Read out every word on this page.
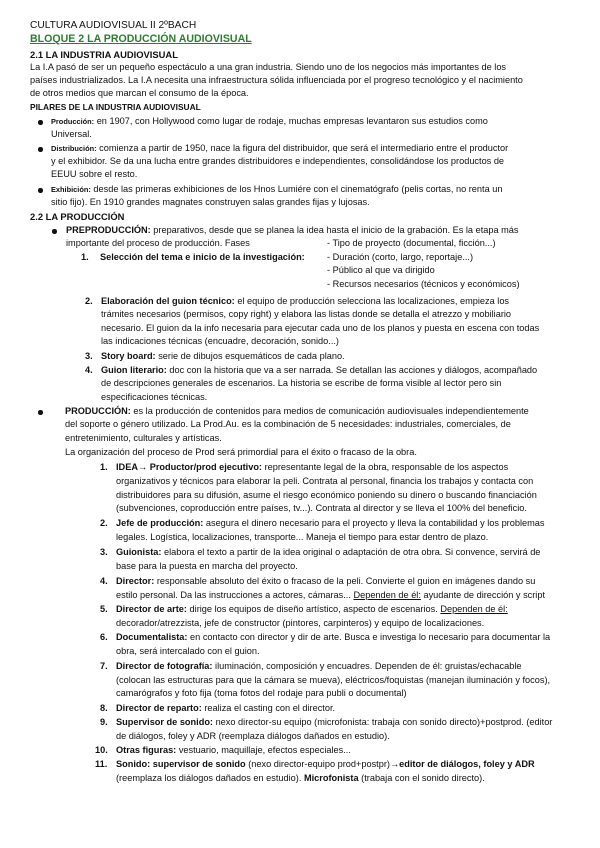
CULTURA AUDIOVISUAL II 2ºBACH
BLOQUE 2 LA PRODUCCIÓN AUDIOVISUAL
2.1 LA INDUSTRIA AUDIOVISUAL
La I.A pasó de ser un pequeño espectáculo a una gran industria. Siendo uno de los negocios más importantes de los
países industrializados. La I.A necesita una infraestructura sólida influenciada por el progreso tecnológico y el nacimiento
de otros medios que marcan el consumo de la época.
PILARES DE LA INDUSTRIA AUDIOVISUAL
Producción: en 1907, con Hollywood como lugar de rodaje, muchas empresas levantaron sus estudios como
Universal.
Distribución: comienza a partir de 1950, nace la figura del distribuidor, que será el intermediario entre el productor
y el exhibidor. Se da una lucha entre grandes distribuidores e independientes, consolidándose los productos de
EEUU sobre el resto.
Exhibición: desde las primeras exhibiciones de los Hnos Lumiére con el cinematógrafo (pelis cortas, no renta un
sitio fijo). En 1910 grandes magnates construyen salas grandes fijas y lujosas.
2.2 LA PRODUCCIÓN
PREPRODUCCIÓN: preparativos, desde que se planea la idea hasta el inicio de la grabación. Es la etapa más
importante del proceso de producción. Fases	- Tipo de proyecto (documental, ficción...)
- Duración (corto, largo, reportaje...)
- Público al que va dirigido
- Recursos necesarios (técnicos y económicos)
1. Selección del tema e inicio de la investigación:
2. Elaboración del guion técnico: el equipo de producción selecciona las localizaciones, empieza los
trámites necesarios (permisos, copy right) y elabora las listas donde se detalla el atrezzo y mobiliario
necesario. El guion da la info necesaria para ejecutar cada uno de los planos y puesta en escena con todas
las indicaciones técnicas (encuadre, decoración, sonido...)
3. Story board: serie de dibujos esquemáticos de cada plano.
4. Guion literario: doc con la historia que va a ser narrada. Se detallan las acciones y diálogos, acompañado
de descripciones generales de escenarios. La historia se escribe de forma visible al lector pero sin
especificaciones técnicas.
PRODUCCIÓN: es la producción de contenidos para medios de comunicación audiovisuales independientemente
del soporte o género utilizado. La Prod.Au. es la combinación de 5 necesidades: industriales, comerciales, de
entretenimiento, culturales y artísticas.
La organización del proceso de Prod será primordial para el éxito o fracaso de la obra.
1. IDEA→ Productor/prod ejecutivo: representante legal de la obra, responsable de los aspectos
organizativos y técnicos para elaborar la peli. Contrata al personal, financia los trabajos y contacta con
distribuidores para su difusión, asume el riesgo económico poniendo su dinero o buscando financiación
(subvenciones, coproducción entre países, tv...). Contrata al director y se lleva el 100% del beneficio.
2. Jefe de producción: asegura el dinero necesario para el proyecto y lleva la contabilidad y los problemas
legales. Logística, localizaciones, transporte... Maneja el tiempo para estar dentro de plazo.
3. Guionista: elabora el texto a partir de la idea original o adaptación de otra obra. Si convence, servirá de
base para la puesta en marcha del proyecto.
4. Director: responsable absoluto del éxito o fracaso de la peli. Convierte el guion en imágenes dando su
estilo personal. Da las instrucciones a actores, cámaras... Dependen de él: ayudante de dirección y script
5. Director de arte: dirige los equipos de diseño artístico, aspecto de escenarios. Dependen de él:
decorador/atrezzista, jefe de constructor (pintores, carpinteros) y equipo de localizaciones.
6. Documentalista: en contacto con director y dir de arte. Busca e investiga lo necesario para documentar la
obra, será intercalado con el guion.
7. Director de fotografía: iluminación, composición y encuadres. Dependen de él: gruistas/echacable
(colocan las estructuras para que la cámara se mueva), eléctricos/foquistas (manejan iluminación y focos),
camarógrafos y foto fija (toma fotos del rodaje para publi o documental)
8. Director de reparto: realiza el casting con el director.
9. Supervisor de sonido: nexo director-su equipo (microfonista: trabaja con sonido directo)+postprod. (editor
de diálogos, foley y ADR (reemplaza diálogos dañados en estudio).
10. Otras figuras: vestuario, maquillaje, efectos especiales...
11. Sonido: supervisor de sonido (nexo director-equipo prod+postpr)→editor de diálogos, foley y ADR
(reemplaza los diálogos dañados en estudio). Microfonista (trabaja con el sonido directo).
